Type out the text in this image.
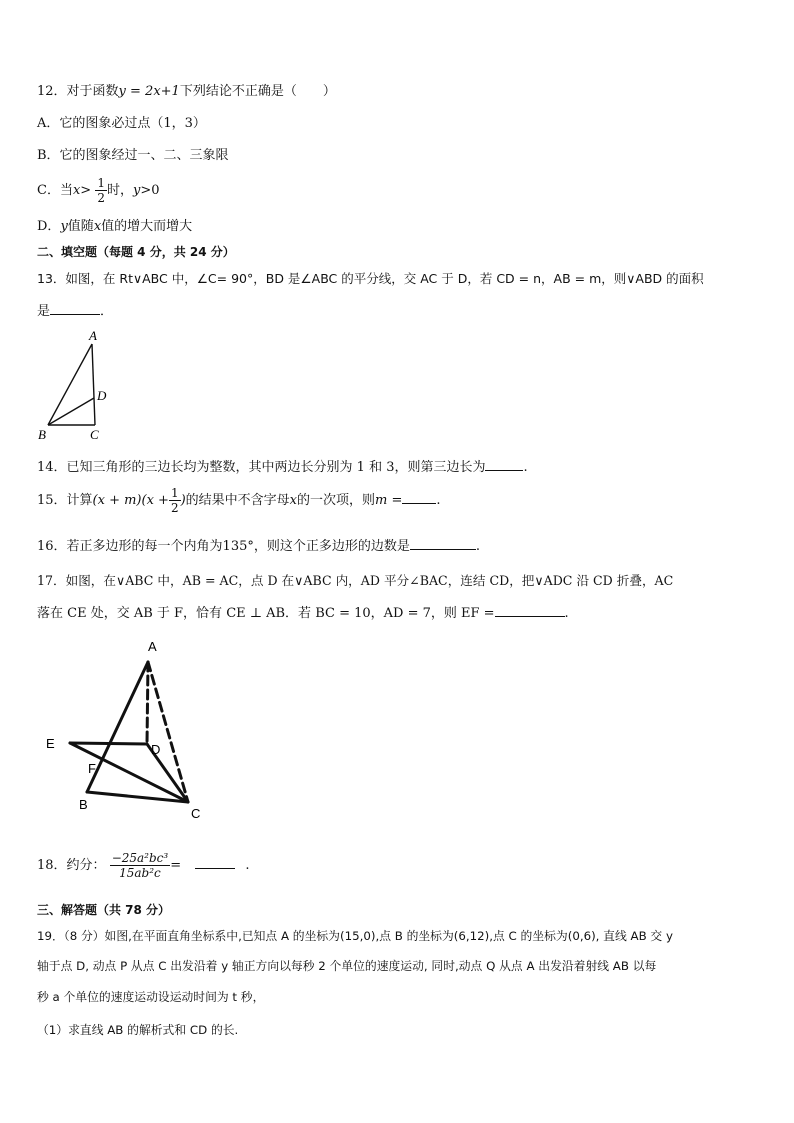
12．对于函数y = 2x+1下列结论不正确是（　　）
A．它的图象必过点（1，3）
B．它的图象经过一、二、三象限
C．当$x> \frac{1}{2}$ 时，y>0
D．y值随x值的增大而增大
二、填空题（每题 4 分，共 24 分）
13．如图，在 Rt∨ABC 中，∠C= 90°，BD 是∠ABC 的平分线，交 AC 于 D，若 CD = n，AB = m，则∨ABD 的面积
是	．
A
B	C
D
14．已知三角形的三边长均为整数，其中两边长分别为 1 和 3，则第三边长为	.
15．计算$(x + m)(x + \frac{1}{2}$ )的结果中不含字母x的一次项，则m =	.
16．若正多边形的每一个内角为135°，则这个正多边形的边数是	.
17．如图，在∨ABC 中，AB = AC，点 D 在∨ABC 内，AD 平分∠BAC，连结 CD，把∨ADC 沿 CD 折叠，AC
落在 CE 处，交 AB 于 F，恰有 CE ⊥ AB．若 BC = 10，AD = 7，则 EF =	.
A
B
C
D
E
F
18．约分： $\frac{\text{−25a²bc³}}{\text{15ab²c}}$ =	.
三、解答题（共 78 分）
19．（8 分）如图,在平面直角坐标系中,已知点 A 的坐标为(15,0),点 B 的坐标为(6,12),点 C 的坐标为(0,6), 直线 AB 交 y
轴于点 D, 动点 P 从点 C 出发沿着 y 轴正方向以每秒 2 个单位的速度运动, 同时,动点 Q 从点 A 出发沿着射线 AB 以每
秒 a 个单位的速度运动设运动时间为 t 秒，
（1）求直线 AB 的解析式和 CD 的长.
